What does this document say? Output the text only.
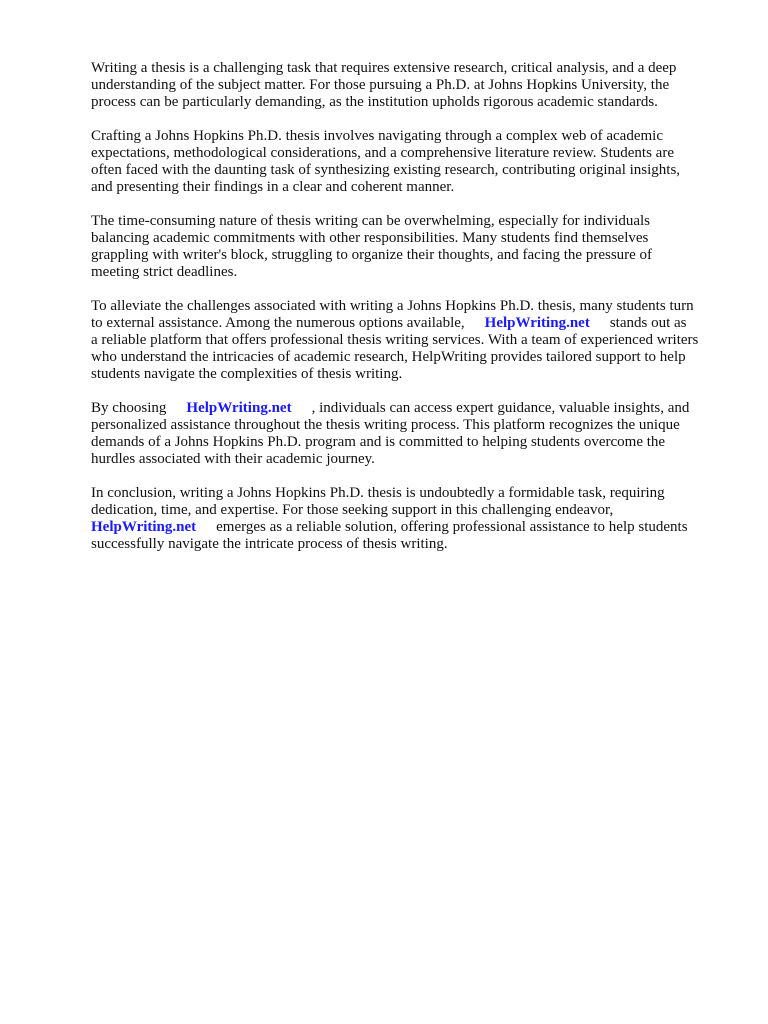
Writing a thesis is a challenging task that requires extensive research, critical analysis, and a deep
understanding of the subject matter. For those pursuing a Ph.D. at Johns Hopkins University, the
process can be particularly demanding, as the institution upholds rigorous academic standards.

Crafting a Johns Hopkins Ph.D. thesis involves navigating through a complex web of academic
expectations, methodological considerations, and a comprehensive literature review. Students are
often faced with the daunting task of synthesizing existing research, contributing original insights,
and presenting their findings in a clear and coherent manner.

The time-consuming nature of thesis writing can be overwhelming, especially for individuals
balancing academic commitments with other responsibilities. Many students find themselves
grappling with writer's block, struggling to organize their thoughts, and facing the pressure of
meeting strict deadlines.

To alleviate the challenges associated with writing a Johns Hopkins Ph.D. thesis, many students turn
to external assistance. Among the numerous options available, HelpWriting.net stands out as
a reliable platform that offers professional thesis writing services. With a team of experienced writers
who understand the intricacies of academic research, HelpWriting provides tailored support to help
students navigate the complexities of thesis writing.

By choosing HelpWriting.net , individuals can access expert guidance, valuable insights, and
personalized assistance throughout the thesis writing process. This platform recognizes the unique
demands of a Johns Hopkins Ph.D. program and is committed to helping students overcome the
hurdles associated with their academic journey.

In conclusion, writing a Johns Hopkins Ph.D. thesis is undoubtedly a formidable task, requiring
dedication, time, and expertise. For those seeking support in this challenging endeavor,
HelpWriting.net emerges as a reliable solution, offering professional assistance to help students
successfully navigate the intricate process of thesis writing.
